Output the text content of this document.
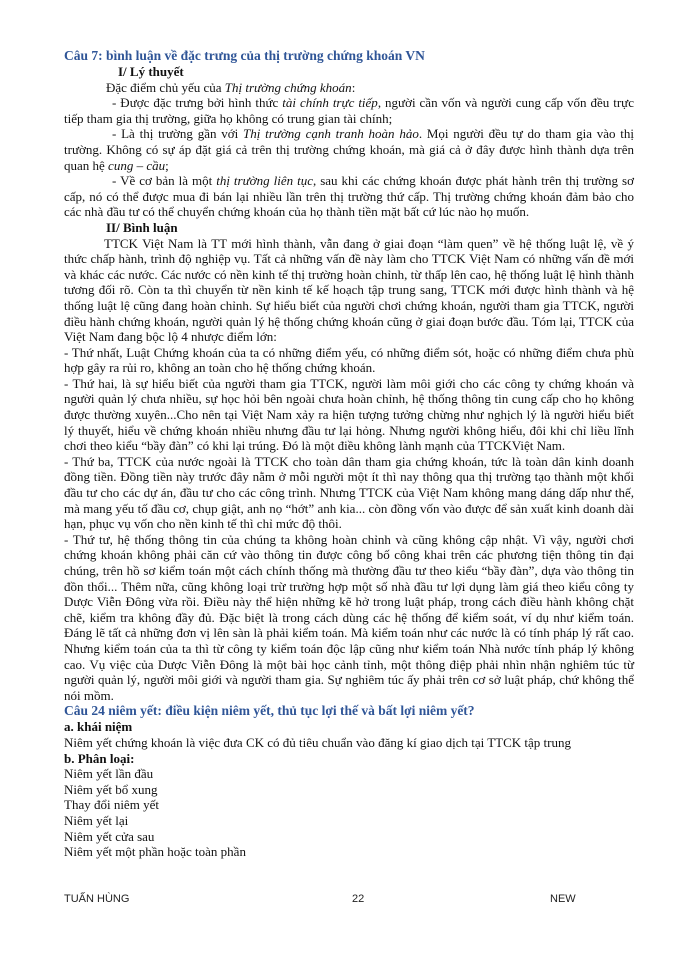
Câu 7: bình luận về đặc trưng của thị trường chứng khoán VN
I/ Lý thuyết

Đặc điểm chủ yếu của Thị trường chứng khoán:

- Được đặc trưng bởi hình thức tài chính trực tiếp, người cần vốn và người cung cấp vốn đều trực tiếp tham gia thị trường, giữa họ không có trung gian tài chính;

- Là thị trường gần với Thị trường cạnh tranh hoàn hảo. Mọi người đều tự do tham gia vào thị trường. Không có sự áp đặt giá cả trên thị trường chứng khoán, mà giá cả ở đây được hình thành dựa trên quan hệ cung – cầu;

- Về cơ bản là một thị trường liên tục, sau khi các chứng khoán được phát hành trên thị trường sơ cấp, nó có thể được mua đi bán lại nhiều lần trên thị trường thứ cấp. Thị trường chứng khoán đảm bảo cho các nhà đầu tư có thể chuyển chứng khoán của họ thành tiền mặt bất cứ lúc nào họ muốn.

II/ Bình luận

TTCK Việt Nam là TT mới hình thành, vẫn đang ở giai đoạn “làm quen” về hệ thống luật lệ, về ý thức chấp hành, trình độ nghiệp vụ. Tất cả những vấn đề này làm cho TTCK Việt Nam có những vấn đề mới và khác các nước. Các nước có nền kinh tế thị trường hoàn chỉnh, từ thấp lên cao, hệ thống luật lệ hình thành tương đối rõ. Còn ta thì chuyển từ nền kinh tế kế hoạch tập trung sang, TTCK mới được hình thành và hệ thống luật lệ cũng đang hoàn chỉnh. Sự hiểu biết của người chơi chứng khoán, người tham gia TTCK, người điều hành chứng khoán, người quản lý hệ thống chứng khoán cũng ở giai đoạn bước đầu. Tóm lại, TTCK của Việt Nam đang bộc lộ 4 nhược điểm lớn:

- Thứ nhất, Luật Chứng khoán của ta có những điểm yếu, có những điểm sót, hoặc có những điểm chưa phù hợp gây ra rủi ro, không an toàn cho hệ thống chứng khoán.

- Thứ hai, là sự hiểu biết của người tham gia TTCK, người làm môi giới cho các công ty chứng khoán và người quản lý chưa nhiều, sự học hỏi bên ngoài chưa hoàn chỉnh, hệ thống thông tin cung cấp cho họ không được thường xuyên...Cho nên tại Việt Nam xảy ra hiện tượng tưởng chừng như nghịch lý là người hiểu biết lý thuyết, hiểu về chứng khoán nhiều nhưng đầu tư lại hỏng. Nhưng người không hiểu, đôi khi chỉ liều lĩnh chơi theo kiểu “bầy đàn” có khi lại trúng. Đó là một điều không lành mạnh của TTCKViệt Nam.

- Thứ ba, TTCK của nước ngoài là TTCK cho toàn dân tham gia chứng khoán, tức là toàn dân kinh doanh đồng tiền. Đồng tiền này trước đây nằm ở mỗi người một ít thì nay thông qua thị trường tạo thành một khối đầu tư cho các dự án, đầu tư cho các công trình. Nhưng TTCK của Việt Nam không mang dáng dấp như thế, mà mang yếu tố đầu cơ, chụp giật, anh nọ “hớt” anh kia... còn đồng vốn vào được để sản xuất kinh doanh dài hạn, phục vụ vốn cho nền kinh tế thì chỉ mức độ thôi.

- Thứ tư, hệ thống thông tin của chúng ta không hoàn chỉnh và cũng không cập nhật. Vì vậy, người chơi chứng khoán không phải căn cứ vào thông tin được công bố công khai trên các phương tiện thông tin đại chúng, trên hồ sơ kiểm toán một cách chính thống mà thường đầu tư theo kiểu “bầy đàn”, dựa vào thông tin đồn thổi... Thêm nữa, cũng không loại trừ trường hợp một số nhà đầu tư lợi dụng làm giá theo kiểu công ty Dược Viễn Đông vừa rồi. Điều này thể hiện những kẽ hở trong luật pháp, trong cách điều hành không chặt chẽ, kiểm tra không đầy đủ. Đặc biệt là trong cách dùng các hệ thống để kiểm soát, ví dụ như kiểm toán. Đáng lẽ tất cả những đơn vị lên sàn là phải kiểm toán. Mà kiểm toán như các nước là có tính pháp lý rất cao. Nhưng kiểm toán của ta thì từ công ty kiểm toán độc lập cũng như kiểm toán Nhà nước tính pháp lý không cao. Vụ việc của Dược Viễn Đông là một bài học cảnh tỉnh, một thông điệp phải nhìn nhận nghiêm túc từ người quản lý, người môi giới và người tham gia. Sự nghiêm túc ấy phải trên cơ sở luật pháp, chứ không thể nói mồm.

Câu 24 niêm yết: điều kiện niêm yết, thủ tục lợi thế và bất lợi niêm yết?
a. khái niệm

Niêm yết chứng khoán là việc đưa CK có đủ tiêu chuẩn vào đăng kí giao dịch tại TTCK tập trung

b. Phân loại:
Niêm yết lần đầu
Niêm yết bổ xung
Thay đổi niêm yết
Niêm yết lại
Niêm yết cửa sau
Niêm yết một phần hoặc toàn phần
TUẤN HÙNG	22	NEW
